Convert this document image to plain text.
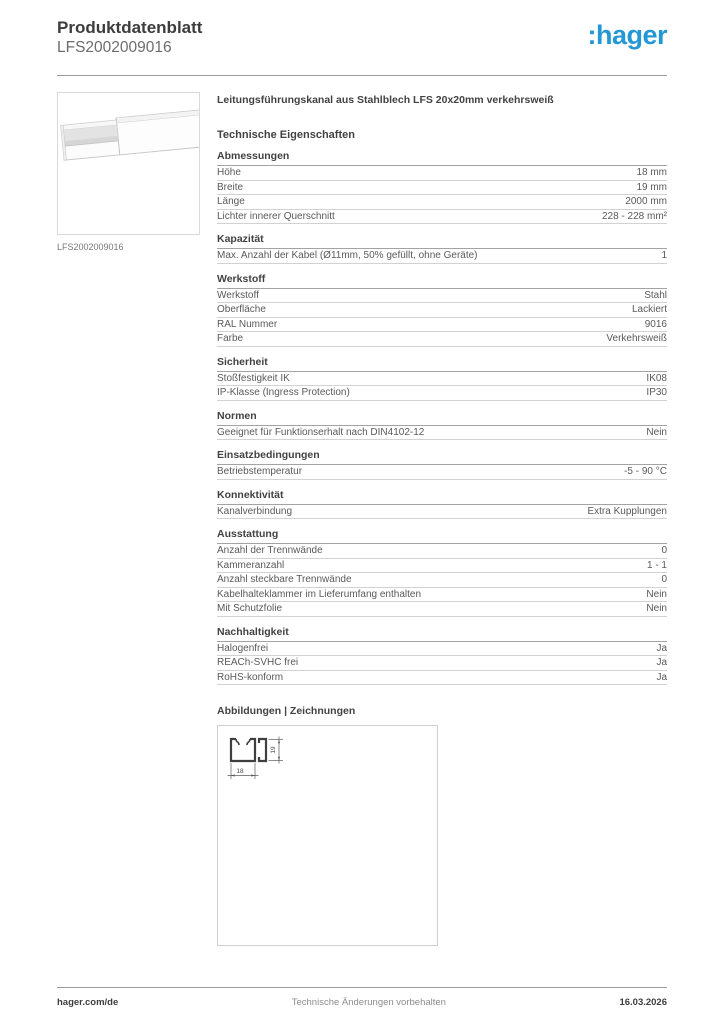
Produktdatenblatt
LFS2002009016	:hager
LFS2002009016
Leitungsführungskanal aus Stahlblech LFS 20x20mm verkehrsweiß
Technische Eigenschaften
Abmessungen
Höhe	18 mm
Breite	19 mm
Länge	2000 mm
Lichter innerer Querschnitt	228 - 228 mm²
Kapazität
Max. Anzahl der Kabel (Ø11mm, 50% gefüllt, ohne Geräte)	1
Werkstoff
Werkstoff	Stahl
Oberfläche	Lackiert
RAL Nummer	9016
Farbe	Verkehrsweiß
Sicherheit
Stoßfestigkeit IK	IK08
IP-Klasse (Ingress Protection)	IP30
Normen
Geeignet für Funktionserhalt nach DIN4102-12	Nein
Einsatzbedingungen
Betriebstemperatur	-5 - 90 °C
Konnektivität
Kanalverbindung	Extra Kupplungen
Ausstattung
Anzahl der Trennwände	0
Kammeranzahl	1 - 1
Anzahl steckbare Trennwände	0
Kabelhalteklammer im Lieferumfang enthalten	Nein
Mit Schutzfolie	Nein
Nachhaltigkeit
Halogenfrei	Ja
REACh-SVHC frei	Ja
RoHS-konform	Ja
Abbildungen | Zeichnungen
19
18
hager.com/de	Technische Änderungen vorbehalten	16.03.2026
